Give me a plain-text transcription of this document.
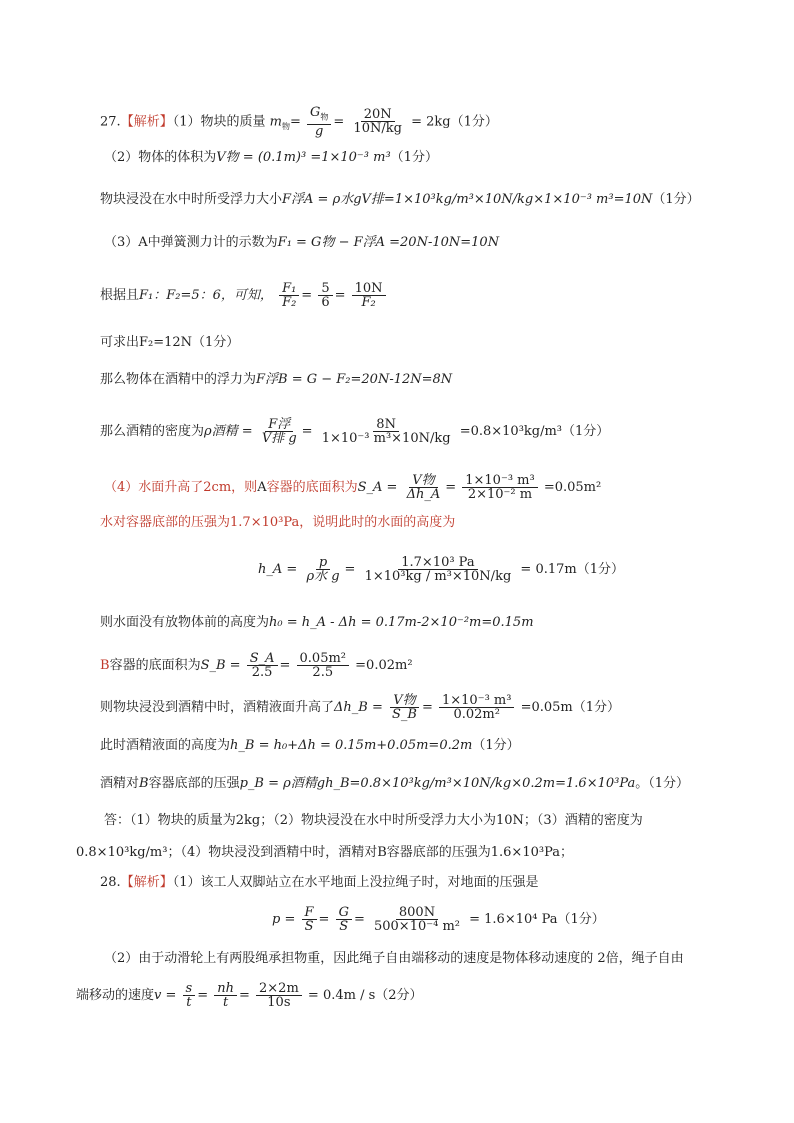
27.【解析】（1）物块的质量 $m_物= \frac{G_物}{g} = \frac{20N}{10N/kg} = 2kg(1$分）
（2）物体的体积为V物 = (0.1m)³ =1×10⁻³ m³（1分）
物块浸没在水中时所受浮力大小F浮A = ρ水gV排=1×10³kg/m³×10N/kg×1×10⁻³ m³=10N（1分）
（3）A中弹簧测力计的示数为F₁ = G物 − F浮A =20N-10N=10N
根据且F₁：F₂=5：6，可知， $\frac{\text{F₁}}{\text{F₂}} = \frac{5}{6} = \frac{10N}{\text{F₂}}$
可求出F₂=12N（1分）
那么物体在酒精中的浮力为F浮B = G − F₂=20N-12N=8N
那么酒精的密度为ρ酒精 = $\frac{\text{F浮}}{\text{V排 g}} = \frac{8N}{\text{1×10⁻³ m³×10N/kg}} =0.8\times 10^3kg/m^3(1$分）
（4）水面升高了2cm，则A容器的底面积为S_A = $\frac{\text{V物}}{\Delta h\_A} = \frac{\text{1×10⁻³ m³}}{\text{2×10⁻² m}} =0.05m^2$
水对容器底部的压强为1.7×10³Pa，说明此时的水面的高度为
h_A = $\frac{p}{\text{ρ水 g}} = \frac{\text{1.7×10³ Pa}}{\text{1×10³kg / m³×10N/kg}} = 0.17m(1$分）
则水面没有放物体前的高度为h₀ = h_A - Δh = 0.17m-2×10⁻²m=0.15m
B容器的底面积为S_B = $\frac{S\_A}{2.5} = \frac{\text{0.05m²}}{2.5} =0.02m^2$
则物块浸没到酒精中时，酒精液面升高了Δh_B = $\frac{\text{V物}}{S\_B} = \frac{\text{1×10⁻³ m³}}{\text{0.02m²}} =0.05m(1$分）
此时酒精液面的高度为h_B = h₀+Δh = 0.15m+0.05m=0.2m（1分）
酒精对B容器底部的压强p_B = ρ酒精gh_B=0.8×10³kg/m³×10N/kg×0.2m=1.6×10³Pa。（1分）
答：（1）物块的质量为2kg；（2）物块浸没在水中时所受浮力大小为10N；（3）酒精的密度为
0.8×10³kg/m³；（4）物块浸没到酒精中时，酒精对B容器底部的压强为1.6×10³Pa；
28.【解析】（1）该工人双脚站立在水平地面上没拉绳子时，对地面的压强是
$p = \frac{F}{S} = \frac{G}{S} = \frac{800N}{\text{500×10⁻⁴ m²}} = 1.6\times 10^4$ Pa（1分）
（2）由于动滑轮上有两股绳承担物重，因此绳子自由端移动的速度是物体移动速度的 2倍，绳子自由
端移动的速度$v = \frac{s}{t} = \frac{nh}{t} = \frac{2\times 2m}{10s} = 0.4m / s(2$分）
